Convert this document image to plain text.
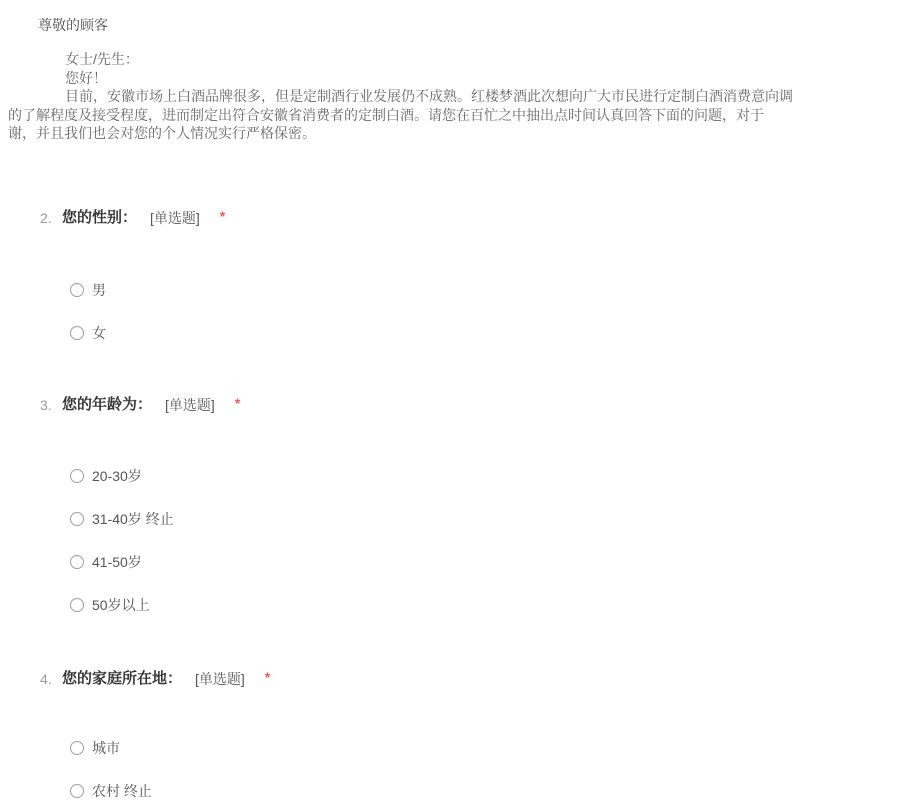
尊敬的顾客
女士/先生：
您好！
目前，安徽市场上白酒品牌很多，但是定制酒行业发展仍不成熟。红楼梦酒此次想向广大市民进行定制白酒消费意向调
的了解程度及接受程度，进而制定出符合安徽省消费者的定制白酒。请您在百忙之中抽出点时间认真回答下面的问题，对于
谢，并且我们也会对您的个人情况实行严格保密。
2. 您的性别： [单选题] *
男
女
3. 您的年龄为： [单选题] *
20-30岁
31-40岁 终止
41-50岁
50岁以上
4. 您的家庭所在地： [单选题] *
城市
农村 终止
